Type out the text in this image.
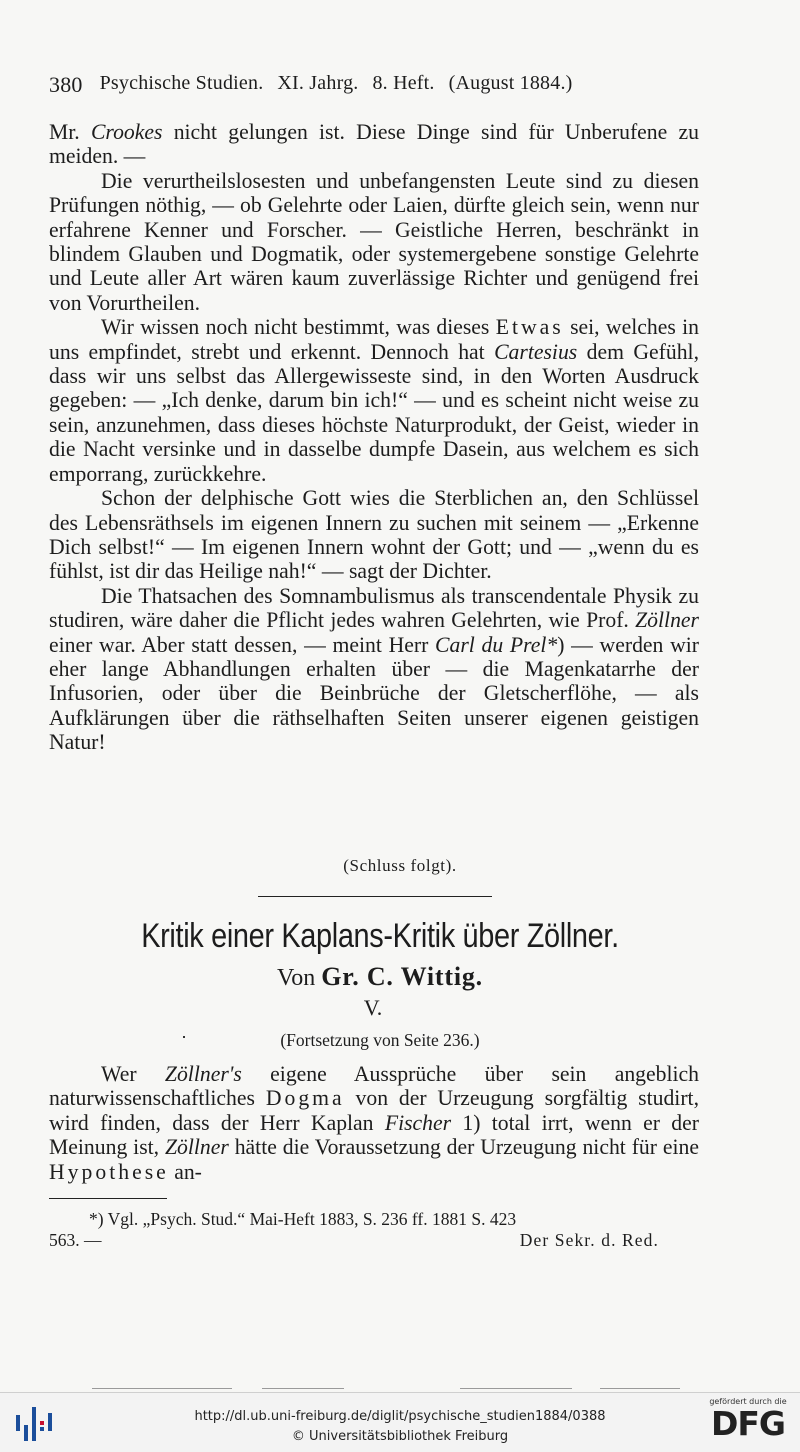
380 Psychische Studien. XI. Jahrg. 8. Heft. (August 1884.)

Mr. Crookes nicht gelungen ist. Diese Dinge sind für Unberufene zu meiden. —

Die verurtheilslosesten und unbefangensten Leute sind zu diesen Prüfungen nöthig, — ob Gelehrte oder Laien, dürfte gleich sein, wenn nur erfahrene Kenner und Forscher. — Geistliche Herren, beschränkt in blindem Glauben und Dogmatik, oder systemergebene sonstige Gelehrte und Leute aller Art wären kaum zuverlässige Richter und genügend frei von Vorurtheilen.

Wir wissen noch nicht bestimmt, was dieses Etwas sei, welches in uns empfindet, strebt und erkennt. Dennoch hat Cartesius dem Gefühl, dass wir uns selbst das Allergewisseste sind, in den Worten Ausdruck gegeben: — „Ich denke, darum bin ich!“ — und es scheint nicht weise zu sein, anzunehmen, dass dieses höchste Naturprodukt, der Geist, wieder in die Nacht versinke und in dasselbe dumpfe Dasein, aus welchem es sich emporrang, zurückkehre.

Schon der delphische Gott wies die Sterblichen an, den Schlüssel des Lebensräthsels im eigenen Innern zu suchen mit seinem — „Erkenne Dich selbst!“ — Im eigenen Innern wohnt der Gott; und — „wenn du es fühlst, ist dir das Heilige nah!“ — sagt der Dichter.

Die Thatsachen des Somnambulismus als transcendentale Physik zu studiren, wäre daher die Pflicht jedes wahren Gelehrten, wie Prof. Zöllner einer war. Aber statt dessen, — meint Herr Carl du Prel*) — werden wir eher lange Abhandlungen erhalten über — die Magenkatarrhe der Infusorien, oder über die Beinbrüche der Gletscherflöhe, — als Aufklärungen über die räthselhaften Seiten unserer eigenen geistigen Natur!

(Schluss folgt).
Kritik einer Kaplans-Kritik über Zöllner.
Von Gr. C. Wittig.
V.
(Fortsetzung von Seite 236.)

Wer Zöllner's eigene Aussprüche über sein angeblich naturwissenschaftliches Dogma von der Urzeugung sorgfältig studirt, wird finden, dass der Herr Kaplan Fischer 1) total irrt, wenn er der Meinung ist, Zöllner hätte die Voraussetzung der Urzeugung nicht für eine Hypothese an-

*) Vgl. „Psych. Stud.“ Mai-Heft 1883, S. 236 ff. 1881 S. 423
563. —	Der Sekr. d. Red.
http://dl.ub.uni-freiburg.de/diglit/psychische_studien1884/0388
© Universitätsbibliothek Freiburg
gefördert durch die
DFG
